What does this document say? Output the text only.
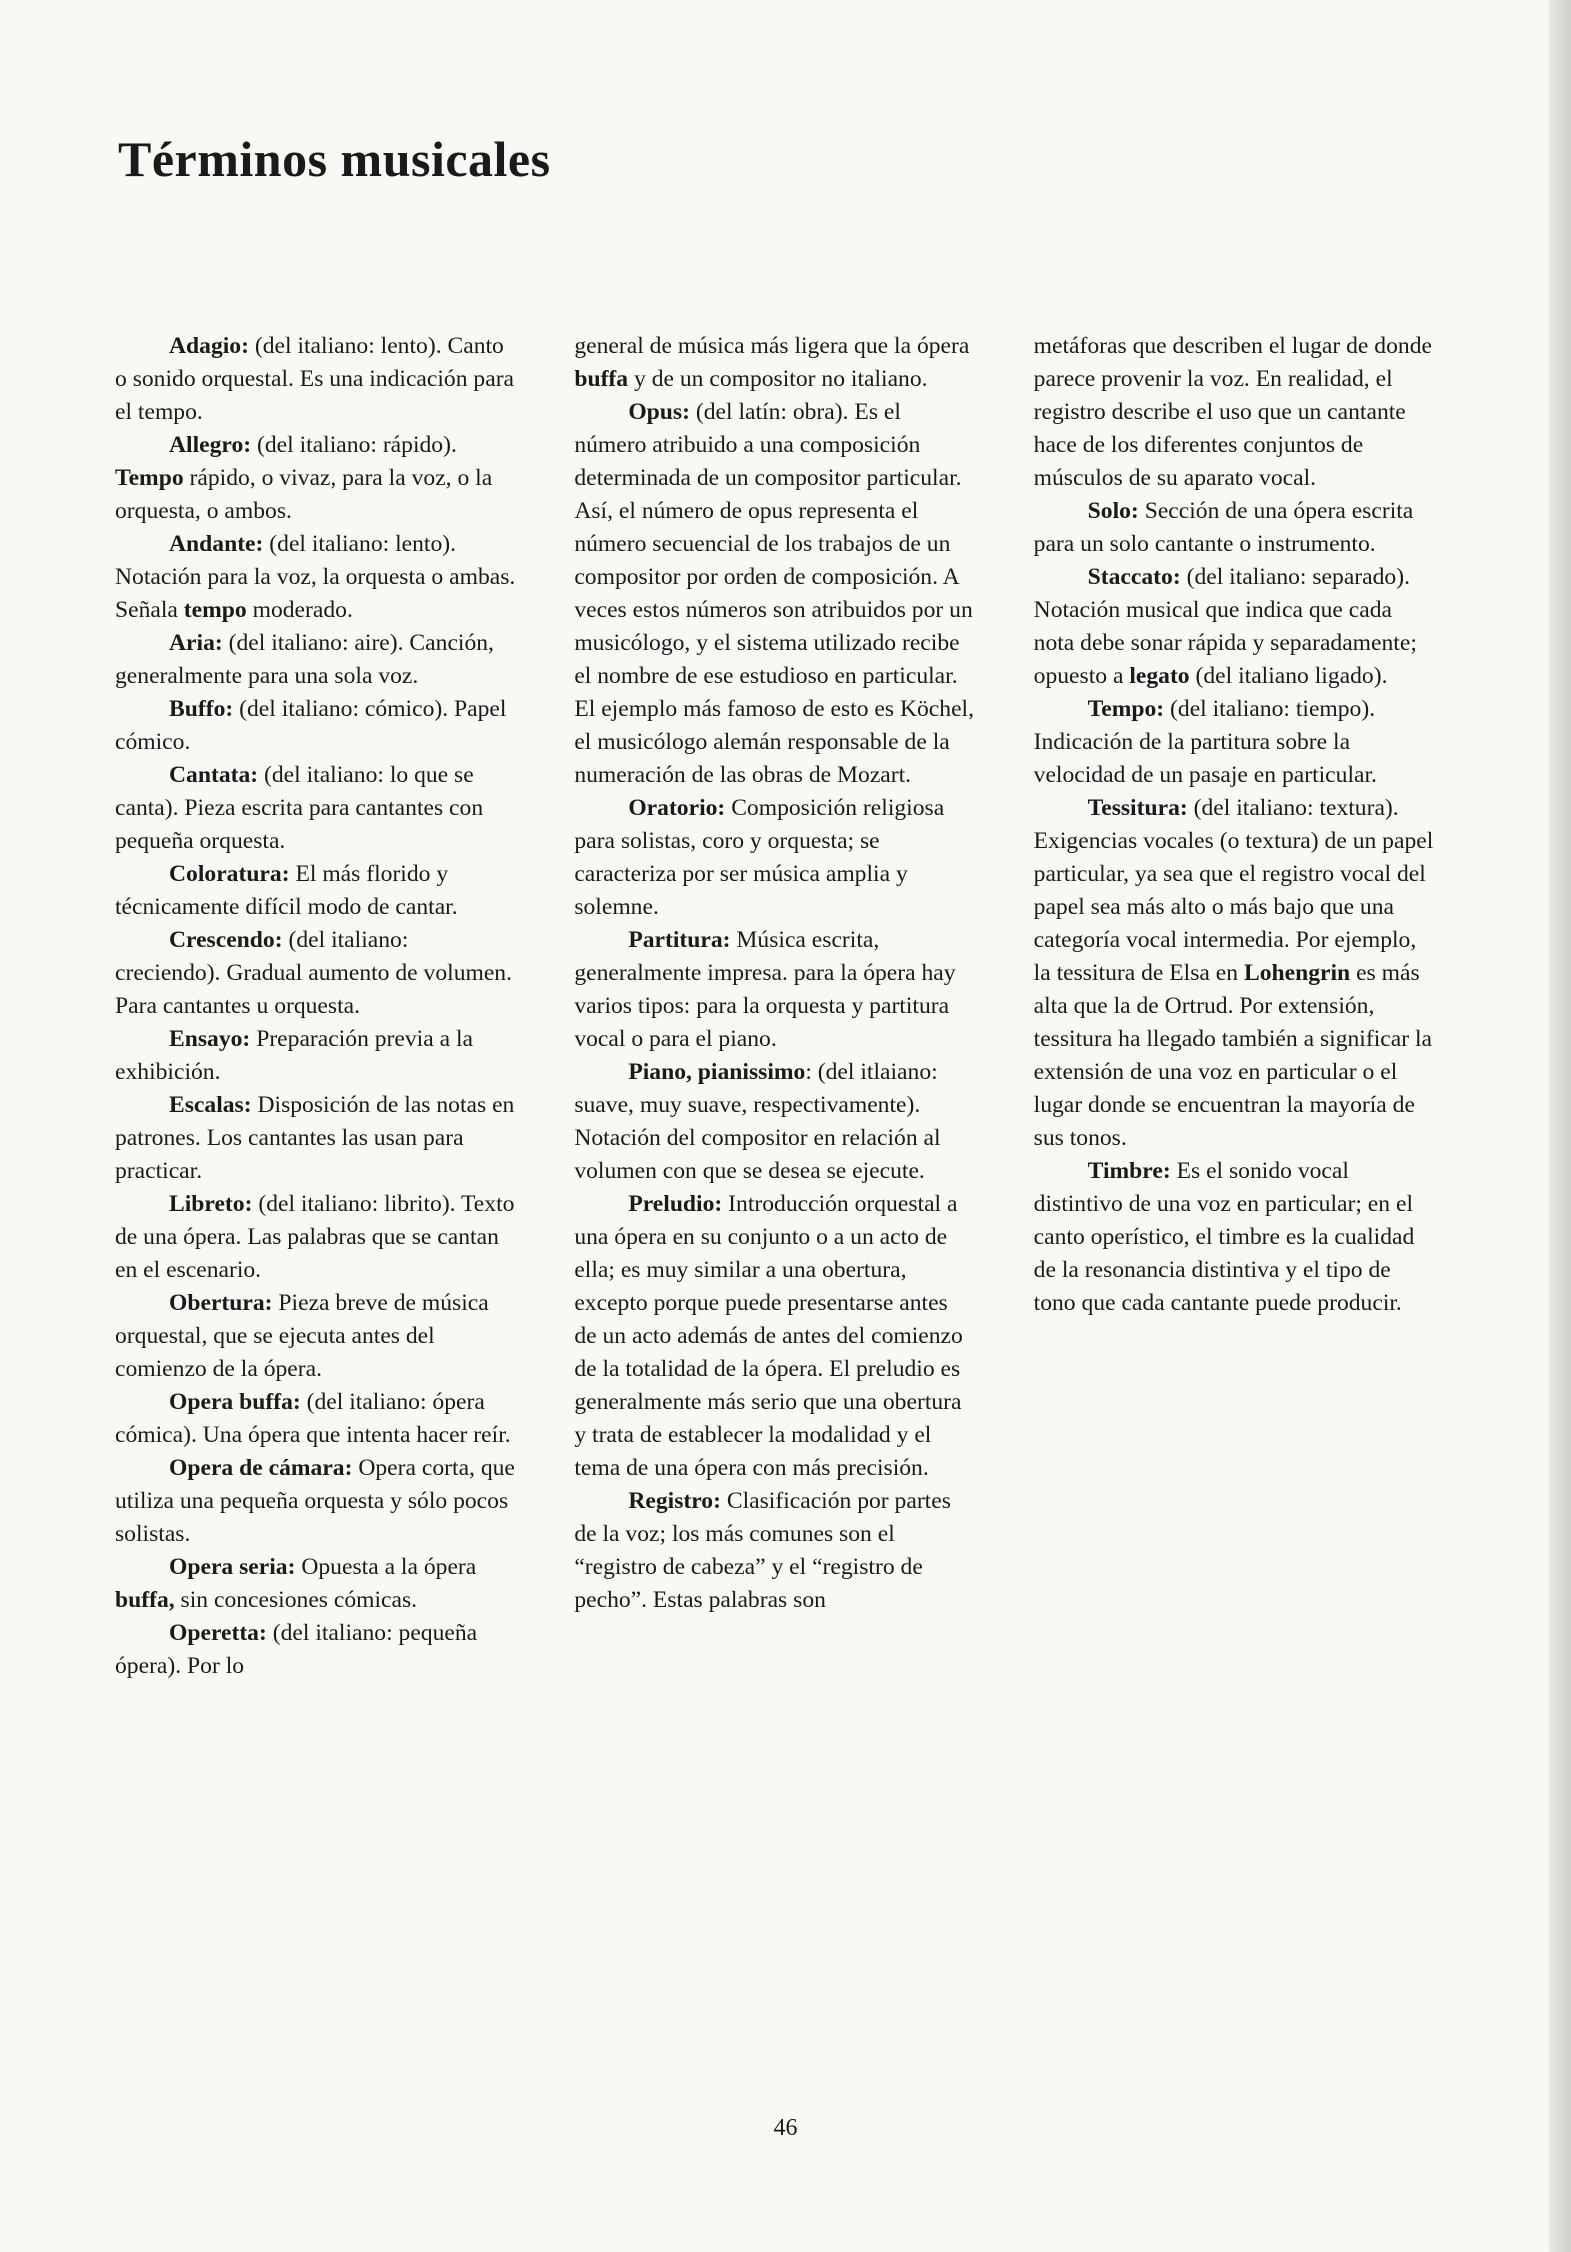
Términos musicales

Adagio: (del italiano: lento). Canto o sonido orquestal. Es una indicación para el tempo.

Allegro: (del italiano: rápido). Tempo rápido, o vivaz, para la voz, o la orquesta, o ambos.

Andante: (del italiano: lento). Notación para la voz, la orquesta o ambas. Señala tempo moderado.

Aria: (del italiano: aire). Canción, generalmente para una sola voz.

Buffo: (del italiano: cómico). Papel cómico.

Cantata: (del italiano: lo que se canta). Pieza escrita para cantantes con pequeña orquesta.

Coloratura: El más florido y técnicamente difícil modo de cantar.

Crescendo: (del italiano: creciendo). Gradual aumento de volumen. Para cantantes u orquesta.

Ensayo: Preparación previa a la exhibición.

Escalas: Disposición de las notas en patrones. Los cantantes las usan para practicar.

Libreto: (del italiano: librito). Texto de una ópera. Las palabras que se cantan en el escenario.

Obertura: Pieza breve de música orquestal, que se ejecuta antes del comienzo de la ópera.

Opera buffa: (del italiano: ópera cómica). Una ópera que intenta hacer reír.

Opera de cámara: Opera corta, que utiliza una pequeña orquesta y sólo pocos solistas.

Opera seria: Opuesta a la ópera buffa, sin concesiones cómicas.

Operetta: (del italiano: pequeña ópera). Por lo

general de música más ligera que la ópera buffa y de un compositor no italiano.

Opus: (del latín: obra). Es el número atribuido a una composición determinada de un compositor particular. Así, el número de opus representa el número secuencial de los trabajos de un compositor por orden de composición. A veces estos números son atribuidos por un musicólogo, y el sistema utilizado recibe el nombre de ese estudioso en particular. El ejemplo más famoso de esto es Köchel, el musicólogo alemán responsable de la numeración de las obras de Mozart.

Oratorio: Composición religiosa para solistas, coro y orquesta; se caracteriza por ser música amplia y solemne.

Partitura: Música escrita, generalmente impresa. para la ópera hay varios tipos: para la orquesta y partitura vocal o para el piano.

Piano, pianissimo: (del itlaiano: suave, muy suave, respectivamente). Notación del compositor en relación al volumen con que se desea se ejecute.

Preludio: Introducción orquestal a una ópera en su conjunto o a un acto de ella; es muy similar a una obertura, excepto porque puede presentarse antes de un acto además de antes del comienzo de la totalidad de la ópera. El preludio es generalmente más serio que una obertura y trata de establecer la modalidad y el tema de una ópera con más precisión.

Registro: Clasificación por partes de la voz; los más comunes son el “registro de cabeza” y el “registro de pecho”. Estas palabras son

metáforas que describen el lugar de donde parece provenir la voz. En realidad, el registro describe el uso que un cantante hace de los diferentes conjuntos de músculos de su aparato vocal.

Solo: Sección de una ópera escrita para un solo cantante o instrumento.

Staccato: (del italiano: separado). Notación musical que indica que cada nota debe sonar rápida y separadamente; opuesto a legato (del italiano ligado).

Tempo: (del italiano: tiempo). Indicación de la partitura sobre la velocidad de un pasaje en particular.

Tessitura: (del italiano: textura). Exigencias vocales (o textura) de un papel particular, ya sea que el registro vocal del papel sea más alto o más bajo que una categoría vocal intermedia. Por ejemplo, la tessitura de Elsa en Lohengrin es más alta que la de Ortrud. Por extensión, tessitura ha llegado también a significar la extensión de una voz en particular o el lugar donde se encuentran la mayoría de sus tonos.

Timbre: Es el sonido vocal distintivo de una voz en particular; en el canto operístico, el timbre es la cualidad de la resonancia distintiva y el tipo de tono que cada cantante puede producir.

46
